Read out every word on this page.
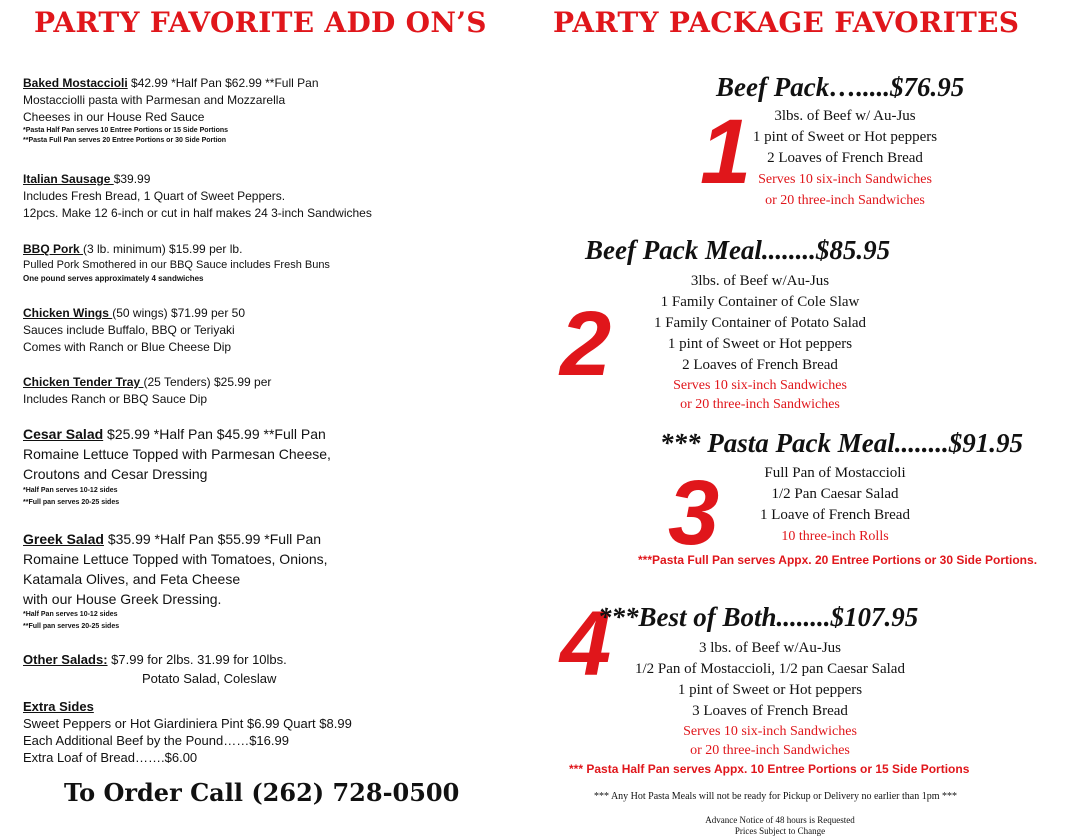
PARTY FAVORITE ADD ON’S PARTY PACKAGE FAVORITES
Baked Mostaccioli $42.99 *Half Pan $62.99 **Full Pan
Mostacciolli pasta with Parmesan and Mozzarella
Cheeses in our House Red Sauce
*Pasta Half Pan serves 10 Entree Portions or 15 Side Portions
**Pasta Full Pan serves 20 Entree Portions or 30 Side Portion
Italian Sausage $39.99
Includes Fresh Bread, 1 Quart of Sweet Peppers.
12pcs. Make 12 6-inch or cut in half makes 24 3-inch Sandwiches
BBQ Pork (3 lb. minimum) $15.99 per lb.
Pulled Pork Smothered in our BBQ Sauce includes Fresh Buns
One pound serves approximately 4 sandwiches
Chicken Wings (50 wings) $71.99 per 50
Sauces include Buffalo, BBQ or Teriyaki
Comes with Ranch or Blue Cheese Dip
Chicken Tender Tray (25 Tenders) $25.99 per
Includes Ranch or BBQ Sauce Dip
Cesar Salad $25.99 *Half Pan $45.99 **Full Pan
Romaine Lettuce Topped with Parmesan Cheese,
Croutons and Cesar Dressing
*Half Pan serves 10-12 sides
**Full pan serves 20-25 sides
Greek Salad $35.99 *Half Pan $55.99 *Full Pan
Romaine Lettuce Topped with Tomatoes, Onions,
Katamala Olives, and Feta Cheese
with our House Greek Dressing.
*Half Pan serves 10-12 sides
**Full pan serves 20-25 sides
Other Salads: $7.99 for 2lbs. 31.99 for 10lbs.
Potato Salad, Coleslaw
Extra Sides
Sweet Peppers or Hot Giardiniera Pint $6.99 Quart $8.99
Each Additional Beef by the Pound……$16.99
Extra Loaf of Bread…….$6.00
To Order Call (262) 728-0500
Beef Pack….....$76.95
1	3lbs. of Beef w/ Au-Jus
1 pint of Sweet or Hot peppers
2 Loaves of French Bread
Serves 10 six-inch Sandwiches
or 20 three-inch Sandwiches
Beef Pack Meal........$85.95
2
3lbs. of Beef w/Au-Jus
1 Family Container of Cole Slaw
1 Family Container of Potato Salad
1 pint of Sweet or Hot peppers
2 Loaves of French Bread
Serves 10 six-inch Sandwiches
or 20 three-inch Sandwiches
*** Pasta Pack Meal........$91.95
3	Full Pan of Mostaccioli
1/2 Pan Caesar Salad
1 Loave of French Bread
10 three-inch Rolls
***Pasta Full Pan serves Appx. 20 Entree Portions or 30 Side Portions.
4
***Best of Both........$107.95
3 lbs. of Beef w/Au-Jus
1/2 Pan of Mostaccioli, 1/2 pan Caesar Salad
1 pint of Sweet or Hot peppers
3 Loaves of French Bread
Serves 10 six-inch Sandwiches
or 20 three-inch Sandwiches
*** Pasta Half Pan serves Appx. 10 Entree Portions or 15 Side Portions
*** Any Hot Pasta Meals will not be ready for Pickup or Delivery no earlier than 1pm ***
Advance Notice of 48 hours is Requested
Prices Subject to Change
